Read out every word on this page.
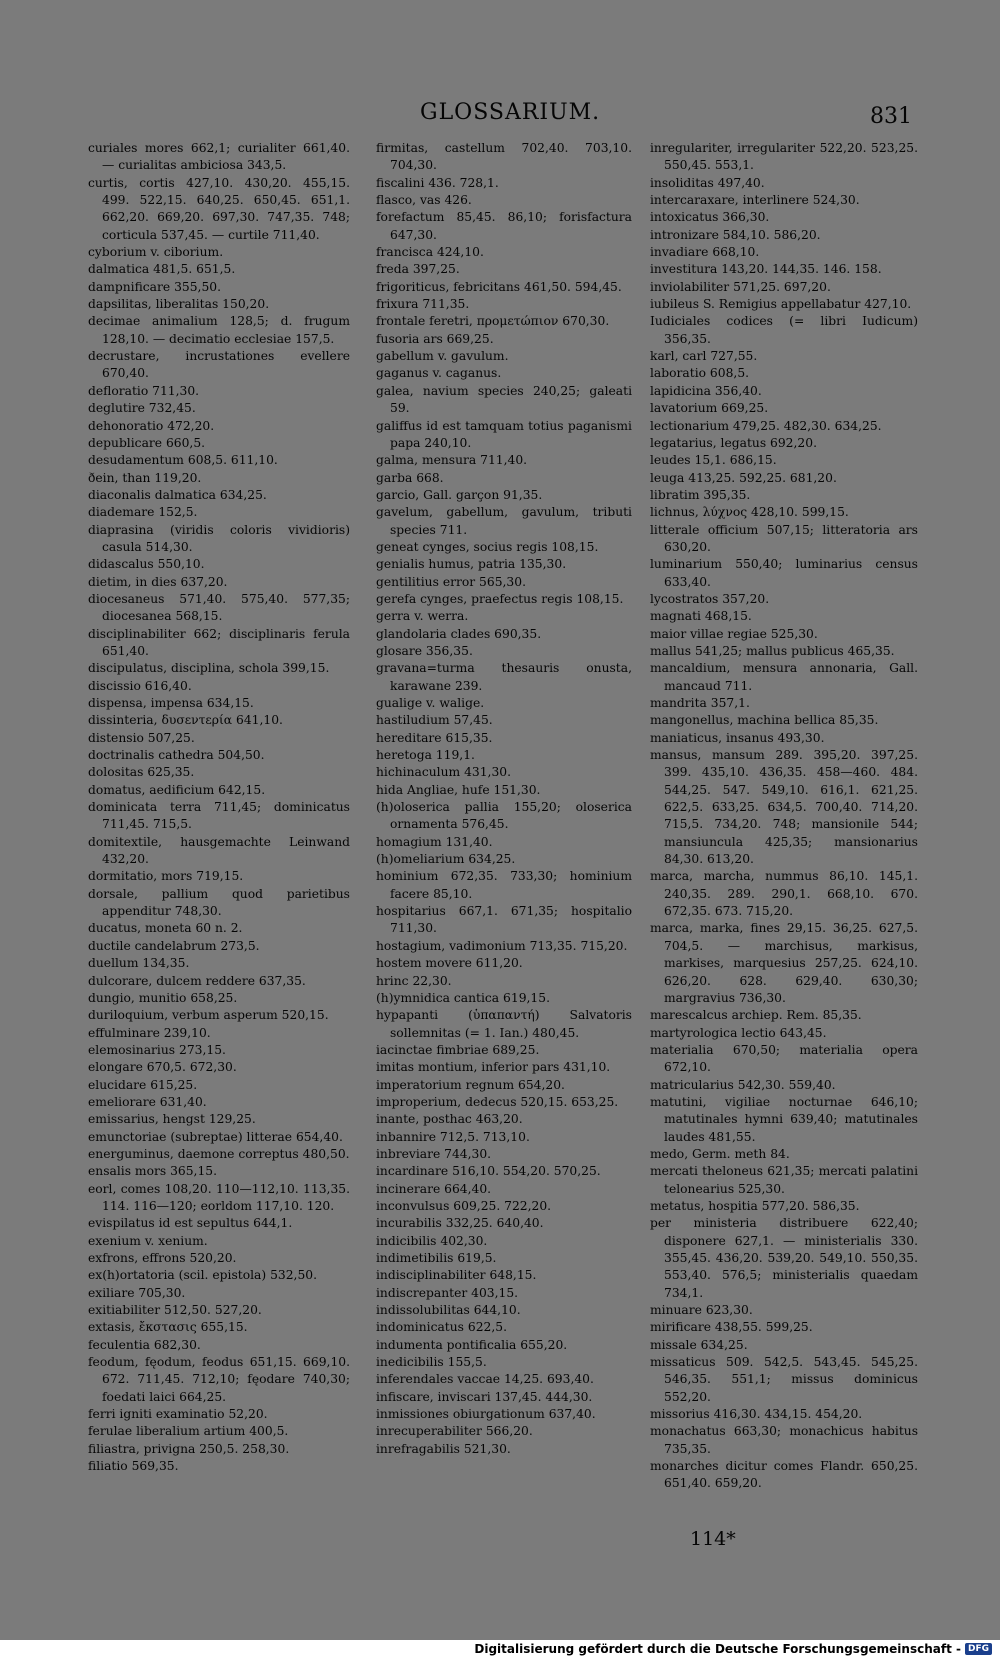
GLOSSARIUM.	831

curiales mores 662,1; curialiter 661,40. — curialitas ambiciosa 343,5.

curtis, cortis 427,10. 430,20. 455,15. 499. 522,15. 640,25. 650,45. 651,1. 662,20. 669,20. 697,30. 747,35. 748; corticula 537,45. — curtile 711,40.

cyborium v. ciborium.

dalmatica 481,5. 651,5.

dampnificare 355,50.

dapsilitas, liberalitas 150,20.

decimae animalium 128,5; d. frugum 128,10. — decimatio ecclesiae 157,5.

decrustare, incrustationes evellere 670,40.

defloratio 711,30.

deglutire 732,45.

dehonoratio 472,20.

depublicare 660,5.

desudamentum 608,5. 611,10.

ðein, than 119,20.

diaconalis dalmatica 634,25.

diademare 152,5.

diaprasina (viridis coloris vividioris) casula 514,30.

didascalus 550,10.

dietim, in dies 637,20.

diocesaneus 571,40. 575,40. 577,35; diocesanea 568,15.

disciplinabiliter 662; disciplinaris ferula 651,40.

discipulatus, disciplina, schola 399,15.

discissio 616,40.

dispensa, impensa 634,15.

dissinteria, δυσεντερία 641,10.

distensio 507,25.

doctrinalis cathedra 504,50.

dolositas 625,35.

domatus, aedificium 642,15.

dominicata terra 711,45; dominicatus 711,45. 715,5.

domitextile, hausgemachte Leinwand 432,20.

dormitatio, mors 719,15.

dorsale, pallium quod parietibus appenditur 748,30.

ducatus, moneta 60 n. 2.

ductile candelabrum 273,5.

duellum 134,35.

dulcorare, dulcem reddere 637,35.

dungio, munitio 658,25.

duriloquium, verbum asperum 520,15.

effulminare 239,10.

elemosinarius 273,15.

elongare 670,5. 672,30.

elucidare 615,25.

emeliorare 631,40.

emissarius, hengst 129,25.

emunctoriae (subreptae) litterae 654,40.

energuminus, daemone correptus 480,50.

ensalis mors 365,15.

eorl, comes 108,20. 110—112,10. 113,35. 114. 116—120; eorldom 117,10. 120.

evispilatus id est sepultus 644,1.

exenium v. xenium.

exfrons, effrons 520,20.

ex(h)ortatoria (scil. epistola) 532,50.

exiliare 705,30.

exitiabiliter 512,50. 527,20.

extasis, ἔκστασις 655,15.

feculentia 682,30.

feodum, fęodum, feodus 651,15. 669,10. 672. 711,45. 712,10; fęodare 740,30; foedati laici 664,25.

ferri igniti examinatio 52,20.

ferulae liberalium artium 400,5.

filiastra, privigna 250,5. 258,30.

filiatio 569,35.

firmitas, castellum 702,40. 703,10. 704,30.

fiscalini 436. 728,1.

flasco, vas 426.

forefactum 85,45. 86,10; forisfactura 647,30.

francisca 424,10.

freda 397,25.

frigoriticus, febricitans 461,50. 594,45.

frixura 711,35.

frontale feretri, προμετώπιον 670,30.

fusoria ars 669,25.

gabellum v. gavulum.

gaganus v. caganus.

galea, navium species 240,25; galeati 59.

galiffus id est tamquam totius paganismi papa 240,10.

galma, mensura 711,40.

garba 668.

garcio, Gall. garçon 91,35.

gavelum, gabellum, gavulum, tributi species 711.

geneat cynges, socius regis 108,15.

genialis humus, patria 135,30.

gentilitius error 565,30.

gerefa cynges, praefectus regis 108,15.

gerra v. werra.

glandolaria clades 690,35.

glosare 356,35.

gravana=turma thesauris onusta, karawane 239.

gualige v. walige.

hastiludium 57,45.

hereditare 615,35.

heretoga 119,1.

hichinaculum 431,30.

hida Angliae, hufe 151,30.

(h)oloserica pallia 155,20; oloserica ornamenta 576,45.

homagium 131,40.

(h)omeliarium 634,25.

hominium 672,35. 733,30; hominium facere 85,10.

hospitarius 667,1. 671,35; hospitalio 711,30.

hostagium, vadimonium 713,35. 715,20.

hostem movere 611,20.

hrinc 22,30.

(h)ymnidica cantica 619,15.

hypapanti (ὑπαπαντή) Salvatoris sollemnitas (= 1. Ian.) 480,45.

iacinctae fimbriae 689,25.

imitas montium, inferior pars 431,10.

imperatorium regnum 654,20.

improperium, dedecus 520,15. 653,25.

inante, posthac 463,20.

inbannire 712,5. 713,10.

inbreviare 744,30.

incardinare 516,10. 554,20. 570,25.

incinerare 664,40.

inconvulsus 609,25. 722,20.

incurabilis 332,25. 640,40.

indicibilis 402,30.

indimetibilis 619,5.

indisciplinabiliter 648,15.

indiscrepanter 403,15.

indissolubilitas 644,10.

indominicatus 622,5.

indumenta pontificalia 655,20.

inedicibilis 155,5.

inferendales vaccae 14,25. 693,40.

infiscare, inviscari 137,45. 444,30.

inmissiones obiurgationum 637,40.

inrecuperabiliter 566,20.

inrefragabilis 521,30.

inregulariter, irregulariter 522,20. 523,25. 550,45. 553,1.

insoliditas 497,40.

intercaraxare, interlinere 524,30.

intoxicatus 366,30.

intronizare 584,10. 586,20.

invadiare 668,10.

investitura 143,20. 144,35. 146. 158.

inviolabiliter 571,25. 697,20.

iubileus S. Remigius appellabatur 427,10.

Iudiciales codices (= libri Iudicum) 356,35.

karl, carl 727,55.

laboratio 608,5.

lapidicina 356,40.

lavatorium 669,25.

lectionarium 479,25. 482,30. 634,25.

legatarius, legatus 692,20.

leudes 15,1. 686,15.

leuga 413,25. 592,25. 681,20.

libratim 395,35.

lichnus, λύχνος 428,10. 599,15.

litterale officium 507,15; litteratoria ars 630,20.

luminarium 550,40; luminarius census 633,40.

lycostratos 357,20.

magnati 468,15.

maior villae regiae 525,30.

mallus 541,25; mallus publicus 465,35.

mancaldium, mensura annonaria, Gall. mancaud 711.

mandrita 357,1.

mangonellus, machina bellica 85,35.

maniaticus, insanus 493,30.

mansus, mansum 289. 395,20. 397,25. 399. 435,10. 436,35. 458—460. 484. 544,25. 547. 549,10. 616,1. 621,25. 622,5. 633,25. 634,5. 700,40. 714,20. 715,5. 734,20. 748; mansionile 544; mansiuncula 425,35; mansionarius 84,30. 613,20.

marca, marcha, nummus 86,10. 145,1. 240,35. 289. 290,1. 668,10. 670. 672,35. 673. 715,20.

marca, marka, fines 29,15. 36,25. 627,5. 704,5. — marchisus, markisus, markises, marquesius 257,25. 624,10. 626,20. 628. 629,40. 630,30; margravius 736,30.

marescalcus archiep. Rem. 85,35.

martyrologica lectio 643,45.

materialia 670,50; materialia opera 672,10.

matricularius 542,30. 559,40.

matutini, vigiliae nocturnae 646,10; matutinales hymni 639,40; matutinales laudes 481,55.

medo, Germ. meth 84.

mercati theloneus 621,35; mercati palatini telonearius 525,30.

metatus, hospitia 577,20. 586,35.

per ministeria distribuere 622,40; disponere 627,1. — ministerialis 330. 355,45. 436,20. 539,20. 549,10. 550,35. 553,40. 576,5; ministerialis quaedam 734,1.

minuare 623,30.

mirificare 438,55. 599,25.

missale 634,25.

missaticus 509. 542,5. 543,45. 545,25. 546,35. 551,1; missus dominicus 552,20.

missorius 416,30. 434,15. 454,20.

monachatus 663,30; monachicus habitus 735,35.

monarches dicitur comes Flandr. 650,25. 651,40. 659,20.

114*
Digitalisierung gefördert durch die Deutsche Forschungsgemeinschaft - DFG
